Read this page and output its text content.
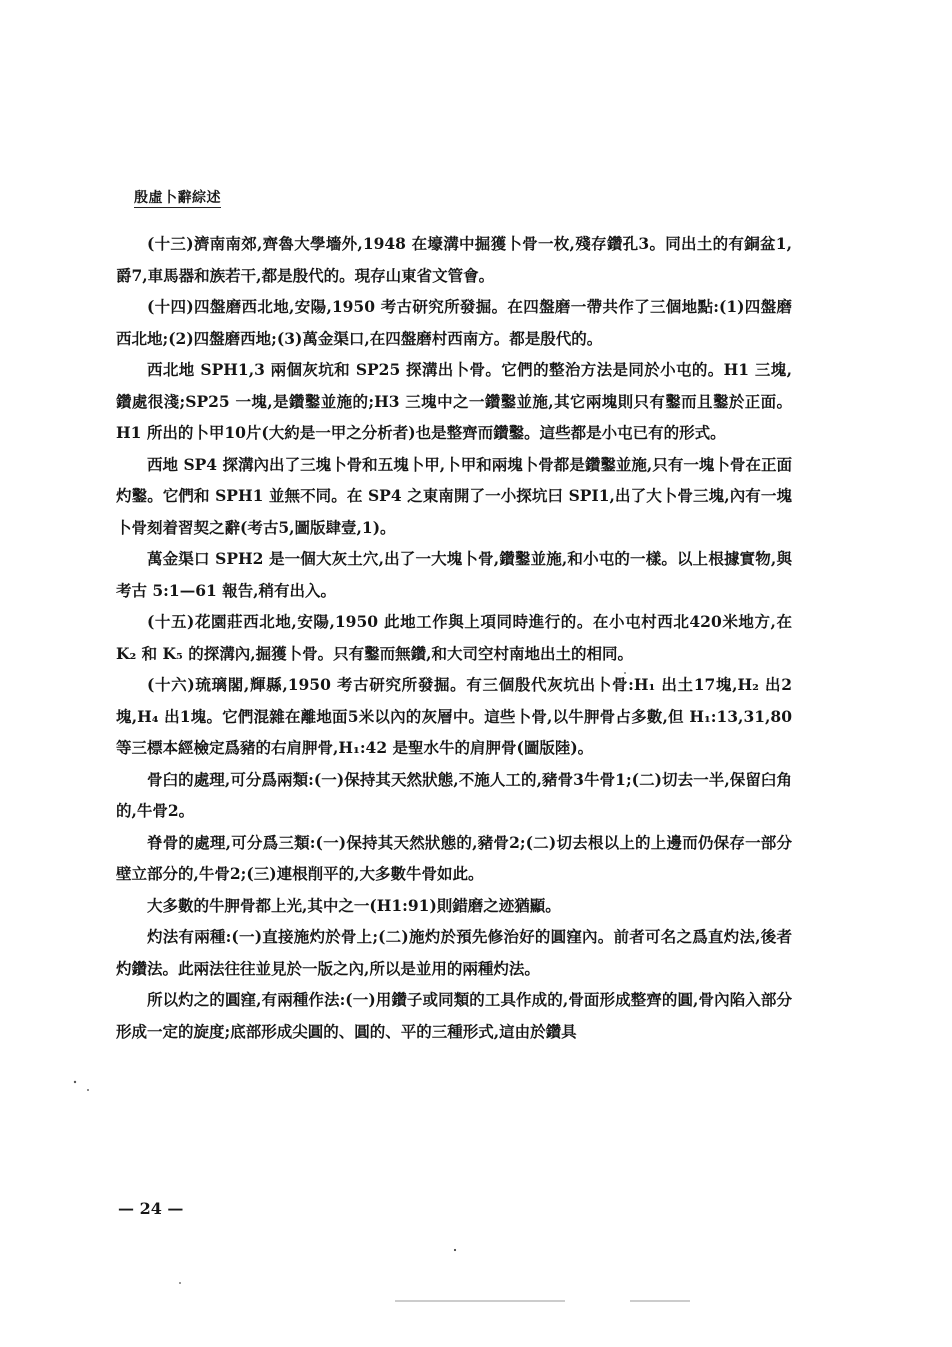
殷虛卜辭綜述

(十三)濟南南郊,齊魯大學墻外,1948 在壕溝中掘獲卜骨一枚,殘存鑽孔3。同出土的有銅盆1,爵7,車馬器和族若干,都是殷代的。現存山東省文管會。

(十四)四盤磨西北地,安陽,1950 考古研究所發掘。在四盤磨一帶共作了三個地點:(1)四盤磨西北地;(2)四盤磨西地;(3)萬金渠口,在四盤磨村西南方。都是殷代的。

西北地 SPH1,3 兩個灰坑和 SP25 探溝出卜骨。它們的整治方法是同於小屯的。H1 三塊,鑽處很淺;SP25 一塊,是鑽鑿並施的;H3 三塊中之一鑽鑿並施,其它兩塊則只有鑿而且鑿於正面。H1 所出的卜甲10片(大約是一甲之分析者)也是整齊而鑽鑿。這些都是小屯已有的形式。

西地 SP4 探溝內出了三塊卜骨和五塊卜甲,卜甲和兩塊卜骨都是鑽鑿並施,只有一塊卜骨在正面灼鑿。它們和 SPH1 並無不同。在 SP4 之東南開了一小探坑曰 SPI1,出了大卜骨三塊,內有一塊卜骨刻着習契之辭(考古5,圖版肆壹,1)。

萬金渠口 SPH2 是一個大灰土穴,出了一大塊卜骨,鑽鑿並施,和小屯的一樣。以上根據實物,與考古 5:1—61 報告,稍有出入。

(十五)花園莊西北地,安陽,1950 此地工作與上項同時進行的。在小屯村西北420米地方,在 K₂ 和 K₅ 的探溝內,掘獲卜骨。只有鑿而無鑽,和大司空村南地出土的相同。

(十六)琉璃閣,輝縣,1950 考古研究所發掘。有三個殷代灰坑出卜骨:H₁ 出土17塊,H₂ 出2塊,H₄ 出1塊。它們混雜在離地面5米以內的灰層中。這些卜骨,以牛胛骨占多數,但 H₁:13,31,80 等三標本經檢定爲豬的右肩胛骨,H₁:42 是聖水牛的肩胛骨(圖版陸)。

骨臼的處理,可分爲兩類:(一)保持其天然狀態,不施人工的,豬骨3牛骨1;(二)切去一半,保留臼角的,牛骨2。

脊骨的處理,可分爲三類:(一)保持其天然狀態的,豬骨2;(二)切去根以上的上邊而仍保存一部分壁立部分的,牛骨2;(三)連根削平的,大多數牛骨如此。

大多數的牛胛骨都上光,其中之一(H1:91)則錯磨之迹猶顯。

灼法有兩種:(一)直接施灼於骨上;(二)施灼於預先修治好的圓窪內。前者可名之爲直灼法,後者灼鑽法。此兩法往往並見於一版之內,所以是並用的兩種灼法。

所以灼之的圓窪,有兩種作法:(一)用鑽子或同類的工具作成的,骨面形成整齊的圓,骨內陷入部分形成一定的旋度;底部形成尖圓的、圓的、平的三種形式,這由於鑽具

— 24 —
